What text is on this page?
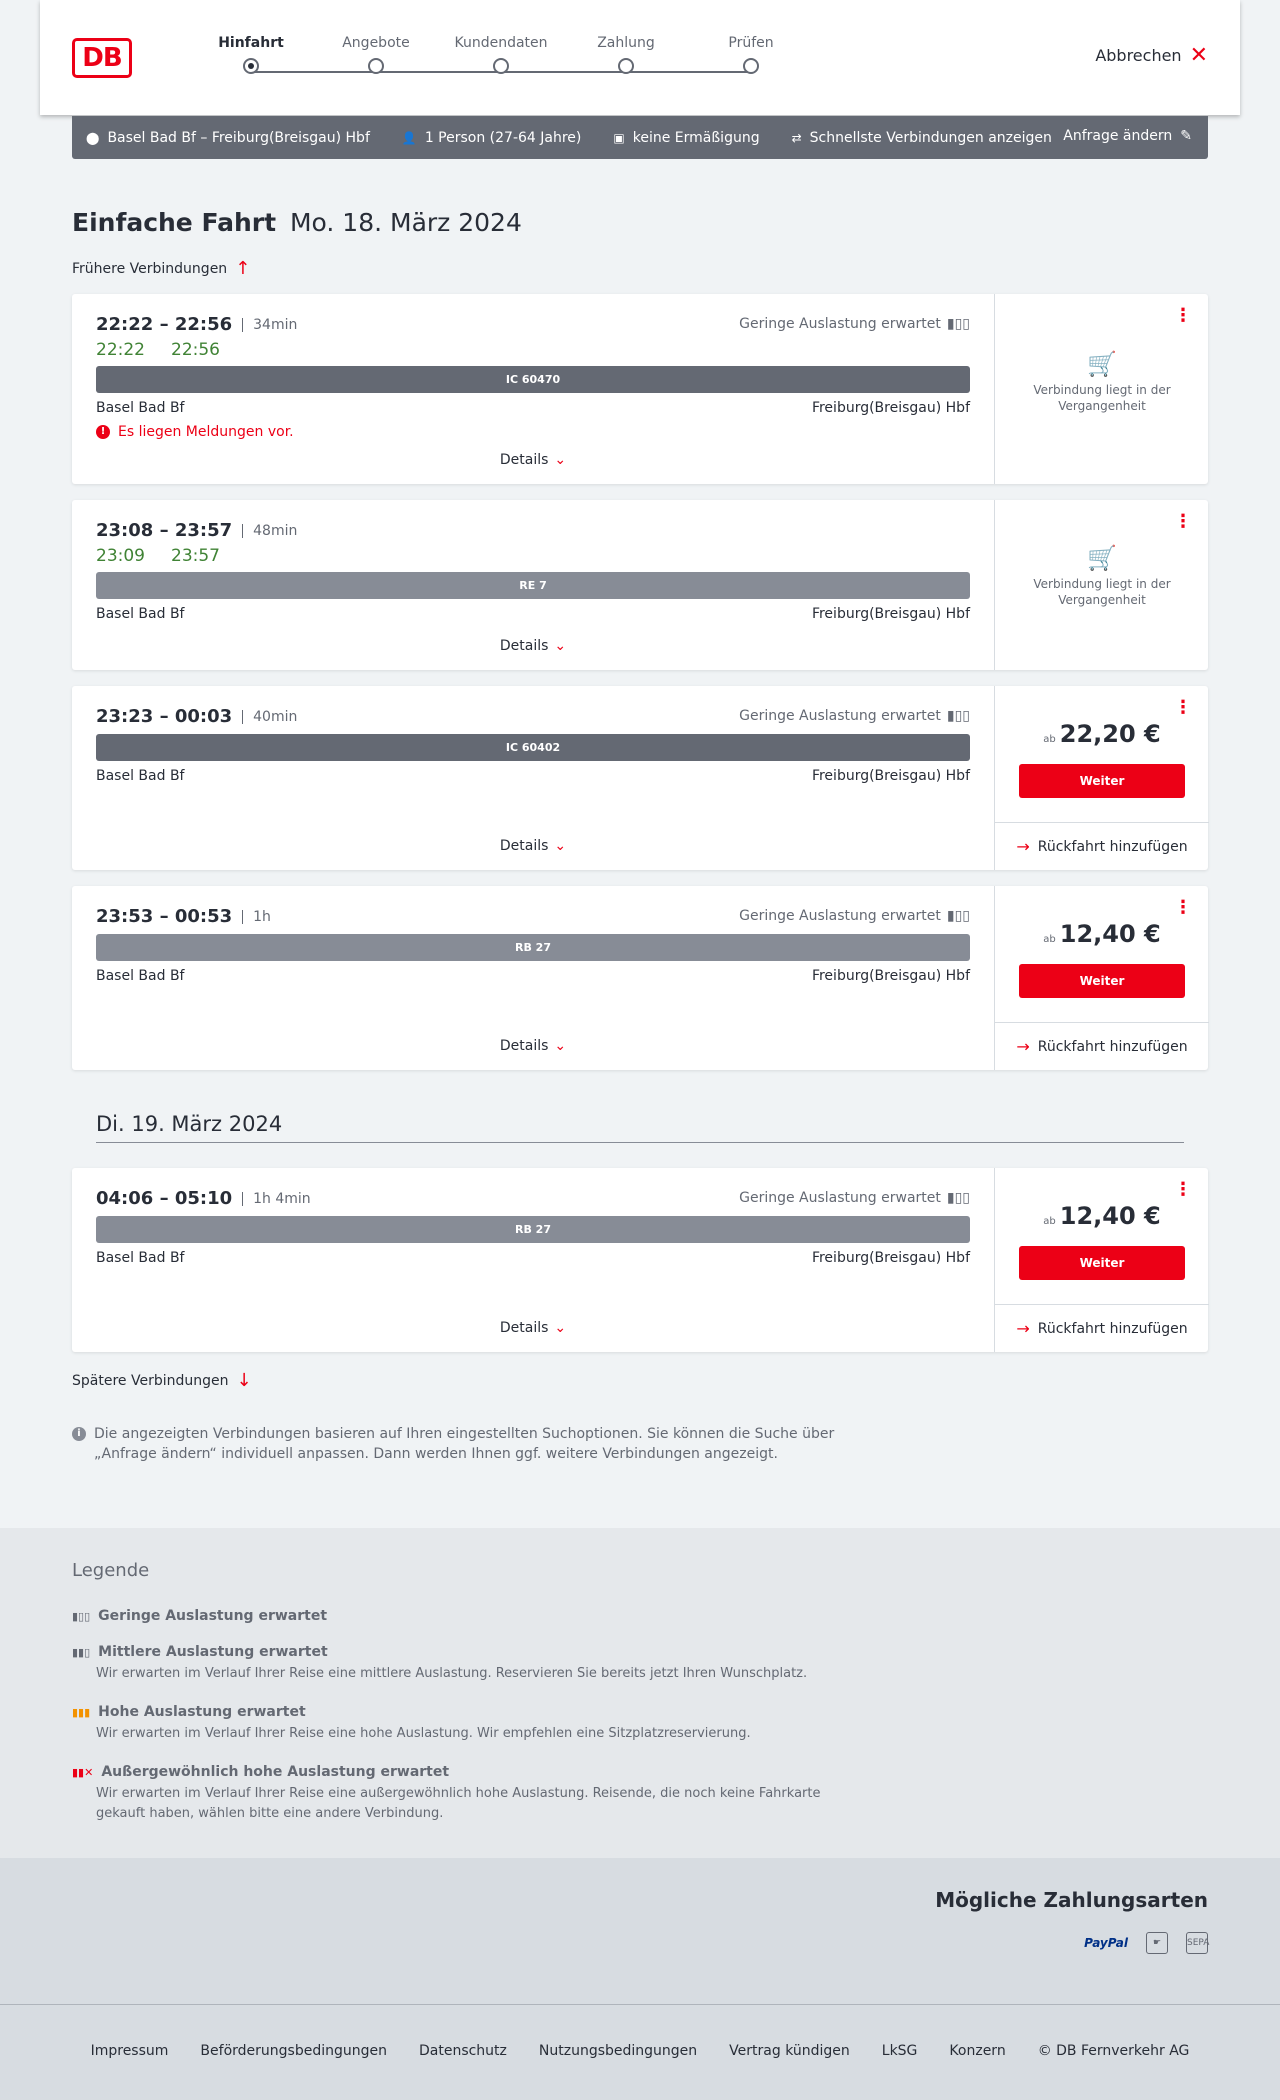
DB	Hinfahrt	Angebote	Kundendaten	Zahlung	Prüfen
Abbrechen ✕
⬤ Basel Bad Bf – Freiburg(Breisgau) Hbf	👤 1 Person (27-64 Jahre)	▣ keine Ermäßigung	⇄ Schnellste Verbindungen anzeigen Anfrage ändern ✎
Einfache Fahrt Mo. 18. März 2024
Frühere Verbindungen ↑
22:22 – 22:56	34min
22:22 22:56
Geringe Auslastung erwartet ▮▯▯
IC 60470
Basel Bad Bf	Freiburg(Breisgau) Hbf
! Es liegen Meldungen vor.
Details ⌄
⋮
🛒
Verbindung liegt in der Vergangenheit
23:08 – 23:57	48min
23:09 23:57
RE 7
Basel Bad Bf	Freiburg(Breisgau) Hbf
Details ⌄
⋮
🛒
Verbindung liegt in der Vergangenheit
23:23 – 00:03	40min	Geringe Auslastung erwartet ▮▯▯
IC 60402
Basel Bad Bf	Freiburg(Breisgau) Hbf
Details ⌄
⋮
ab 22,20 €
Weiter
→ Rückfahrt hinzufügen
23:53 – 00:53	1h	Geringe Auslastung erwartet ▮▯▯
RB 27
Basel Bad Bf	Freiburg(Breisgau) Hbf
Details ⌄
⋮
ab 12,40 €
Weiter
→ Rückfahrt hinzufügen
Di. 19. März 2024
04:06 – 05:10	1h 4min	Geringe Auslastung erwartet ▮▯▯
RB 27
Basel Bad Bf	Freiburg(Breisgau) Hbf
Details ⌄
⋮
ab 12,40 €
Weiter
→ Rückfahrt hinzufügen
Spätere Verbindungen ↓
i Die angezeigten Verbindungen basieren auf Ihren eingestellten Suchoptionen. Sie können die Suche über „Anfrage ändern“ individuell anpassen. Dann werden Ihnen ggf. weitere Verbindungen angezeigt.
Legende
▮▯▯ Geringe Auslastung erwartet
▮▮▯ Mittlere Auslastung erwartet
Wir erwarten im Verlauf Ihrer Reise eine mittlere Auslastung. Reservieren Sie bereits jetzt Ihren Wunschplatz.
▮▮▮ Hohe Auslastung erwartet
Wir erwarten im Verlauf Ihrer Reise eine hohe Auslastung. Wir empfehlen eine Sitzplatzreservierung.
▮▮✕ Außergewöhnlich hohe Auslastung erwartet
Wir erwarten im Verlauf Ihrer Reise eine außergewöhnlich hohe Auslastung. Reisende, die noch keine Fahrkarte gekauft haben, wählen bitte eine andere Verbindung.
Mögliche Zahlungsarten
PayPal	☛	SEPA
Impressum Beförderungsbedingungen Datenschutz Nutzungsbedingungen Vertrag kündigen LkSG Konzern © DB Fernverkehr AG
